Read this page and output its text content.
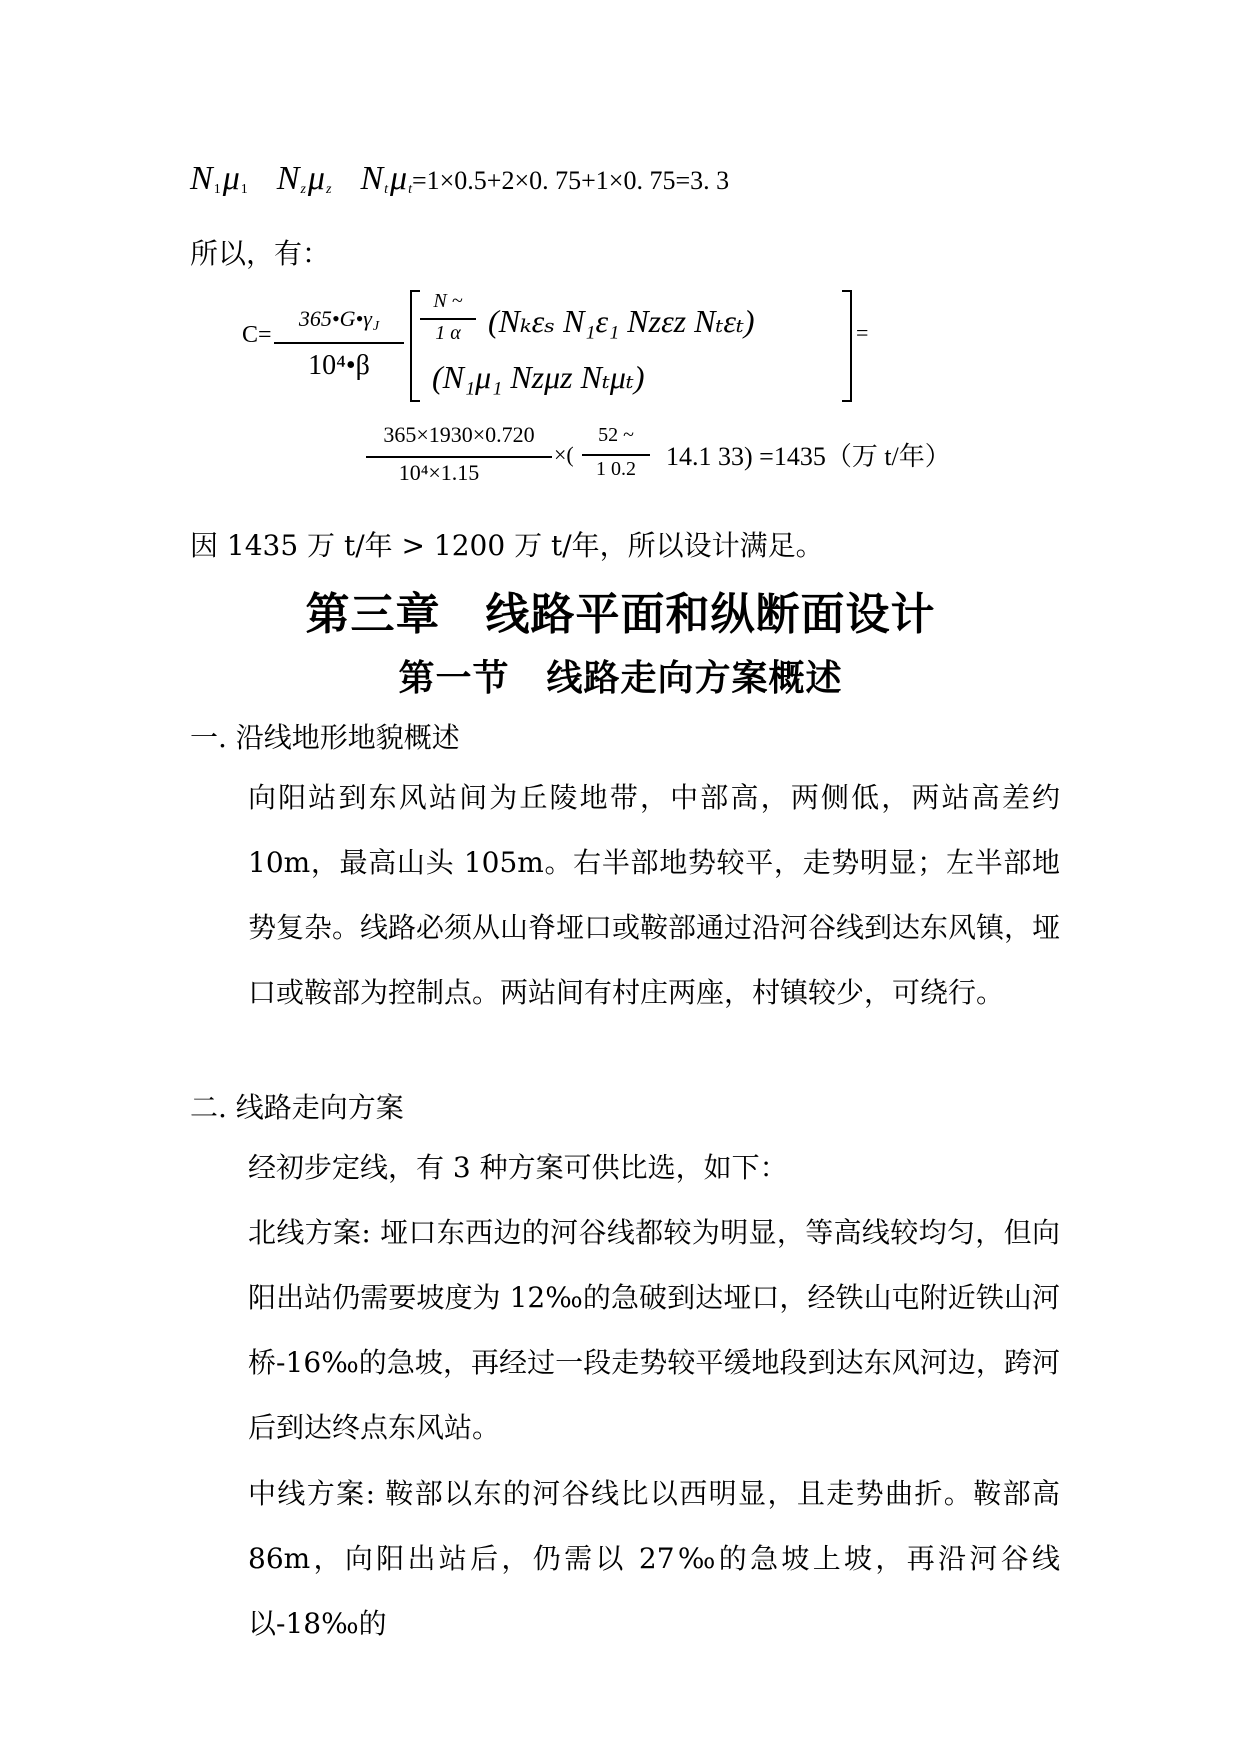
$N_1\mu_1$ $N_z\mu_z$ $N_t\mu_t=1\times 0.5+2\times 0$. 75+1×0. 75=3. 3
所以，有：
C=
$365•G•\gamma_J$
10⁴•β
N ~
1 α (Nₖεₛ N₁ε₁ Nzεz Nₜεₜ)
(N₁μ₁ Nzμz Nₜμₜ)
=
365×1930×0.720
10⁴×1.15
×(
52 ~
1 0.2	14.1 33) =1435（万 t/年）
因 1435 万 t/年 > 1200 万 t/年，所以设计满足。
第三章　线路平面和纵断面设计
第一节　线路走向方案概述
一. 沿线地形地貌概述
向阳站到东风站间为丘陵地带，中部高，两侧低，两站高差约 10m，最高山头 105m。右半部地势较平，走势明显；左半部地势复杂。线路必须从山脊垭口或鞍部通过沿河谷线到达东风镇，垭口或鞍部为控制点。两站间有村庄两座，村镇较少，可绕行。
二. 线路走向方案
经初步定线，有 3 种方案可供比选，如下：
北线方案: 垭口东西边的河谷线都较为明显，等高线较均匀，但向阳出站仍需要坡度为 12‰的急破到达垭口，经铁山屯附近铁山河桥-16‰的急坡，再经过一段走势较平缓地段到达东风河边，跨河后到达终点东风站。
中线方案: 鞍部以东的河谷线比以西明显，且走势曲折。鞍部高 86m，向阳出站后，仍需以 27‰的急坡上坡，再沿河谷线以-18‰的
